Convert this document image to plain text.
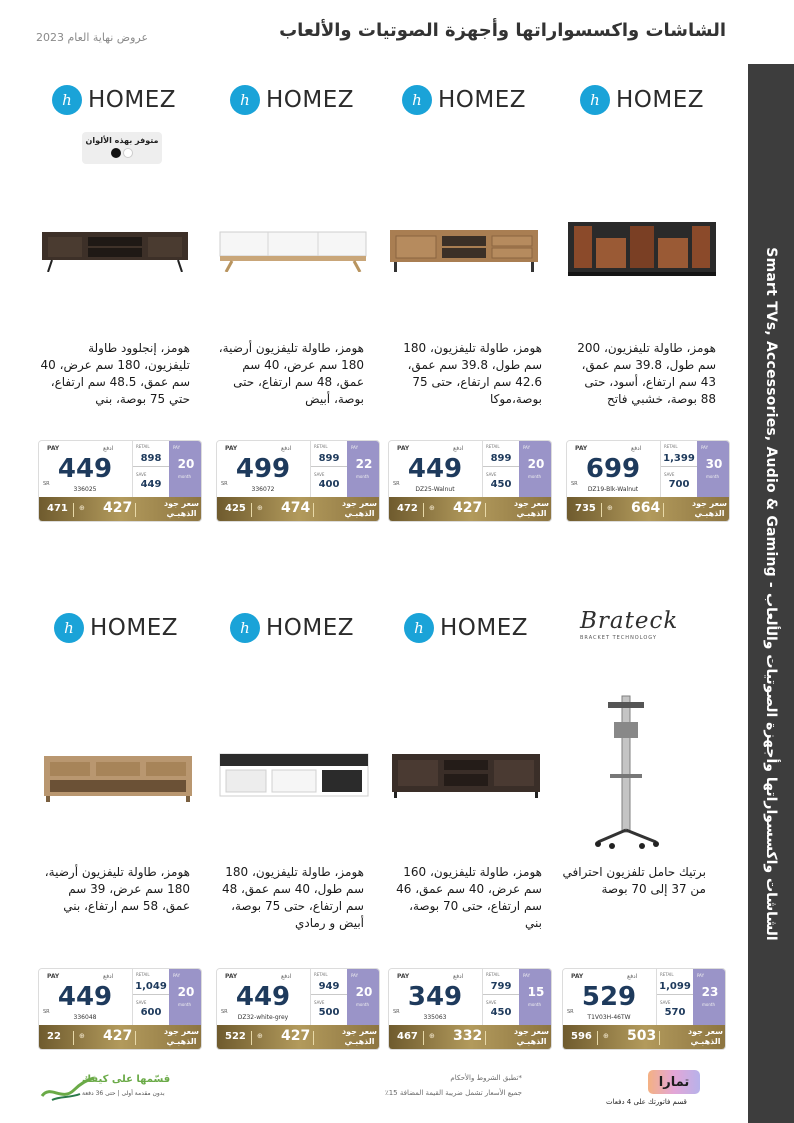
الشاشات واكسسواراتها وأجهزة الصوتيات والألعاب
عروض نهاية العام 2023
Smart TVs, Accessories, Audio & Gaming - الشاشات واكسسواراتها وأجهزة الصوتيات والألعاب
متوفر بهذه الألوان
h HOMEZ
h HOMEZ
h HOMEZ
h HOMEZ
Brateck
BRACKET TECHNOLOGY
h HOMEZ
h HOMEZ
h HOMEZ
هومز، طاولة تليفزيون، 200 سم طول، 39.8 سم عمق، 43 سم ارتفاع، أسود، حتى 88 بوصة، خشبي فاتح
هومز، طاولة تليفزيون، 180 سم طول، 39.8 سم عمق، 42.6 سم ارتفاع، حتى 75 بوصة،موكا
هومز، طاولة تليفزيون أرضية، 180 سم عرض، 40 سم عمق، 48 سم ارتفاع، حتى بوصة، أبيض
هومز، إنجلوود طاولة تليفزيون، 180 سم عرض، 40 سم عمق، 48.5 سم ارتفاع، حتي 75 بوصة، بني
برتيك حامل تلفزيون احترافي من 37 إلى 70 بوصة
هومز، طاولة تليفزيون، 160 سم عرض، 40 سم عمق، 46 سم ارتفاع، حتى 70 بوصة، بني
هومز، طاولة تليفزيون، 180 سم طول، 40 سم عمق، 48 سم ارتفاع، حتى 75 بوصة، أبيض و رمادي
هومز، طاولة تليفزيون أرضية، 180 سم عرض، 39 سم عمق، 58 سم ارتفاع، بني
PAY	ادفع
699
SR
DZ19-Blk-Walnut
RETAIL
1,399
SAVE
700
PAY
30
month
735 ⊕ 664	سعر جود
الذهبـي
PAY	ادفع
449
SR
DZ25-Walnut
RETAIL
899
SAVE
450
PAY
20
month
472 ⊕ 427	سعر جود
الذهبـي
PAY	ادفع
499
SR
336072
RETAIL
899
SAVE
400
PAY
22
month
425 ⊕ 474	سعر جود
الذهبـي
PAY	ادفع
449
SR
336025
RETAIL
898
SAVE
449
PAY
20
month
471 ⊕ 427	سعر جود
الذهبـي
PAY	ادفع
529
SR
T1V03H-46TW
RETAIL
1,099
SAVE
570
PAY
23
month
596 ⊕ 503	سعر جود
الذهبـي
PAY	ادفع
349
SR
335063
RETAIL
799
SAVE
450
PAY
15
month
467 ⊕ 332	سعر جود
الذهبـي
PAY	ادفع
449
SR
DZ32-white-grey
RETAIL
949
SAVE
500
PAY
20
month
522 ⊕ 427	سعر جود
الذهبـي
PAY	ادفع
449
SR
336048
RETAIL
1,049
SAVE
600
PAY
20
month
22	⊕ 427	سعر جود
الذهبـي
قسّمها على كيفك
بدون مقدمة أولى | حتى 36 دفعة
*تطبق الشروط والأحكام
جميع الأسعار تشمل ضريبة القيمة المضافة 15٪
تمارا
قسم فاتورتك على 4 دفعات
